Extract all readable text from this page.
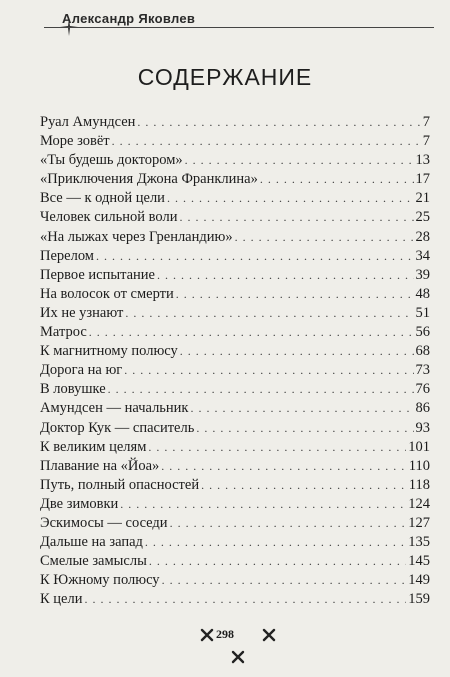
Александр Яковлев
СОДЕРЖАНИЕ
Руал Амундсен . . .	7
Море зовёт . . .	7
«Ты будешь доктором» . . .	13
«Приключения Джона Франклина» . . .	17
Все — к одной цели . . .	21
Человек сильной воли . . .	25
«На лыжах через Гренландию» . . .	28
Перелом . . .	34
Первое испытание . . .	39
На волосок от смерти . . .	48
Их не узнают . . .	51
Матрос . . .	56
К магнитному полюсу . . .	68
Дорога на юг . . .	73
В ловушке . . .	76
Амундсен — начальник . . .	86
Доктор Кук — спаситель . . .	93
К великим целям . . .	101
Плавание на «Йоа» . . .	110
Путь, полный опасностей . . .	118
Две зимовки . . .	124
Эскимосы — соседи . . .	127
Дальше на запад . . .	135
Смелые замыслы . . .	145
К Южному полюсу . . .	149
К цели . . .	159
298
